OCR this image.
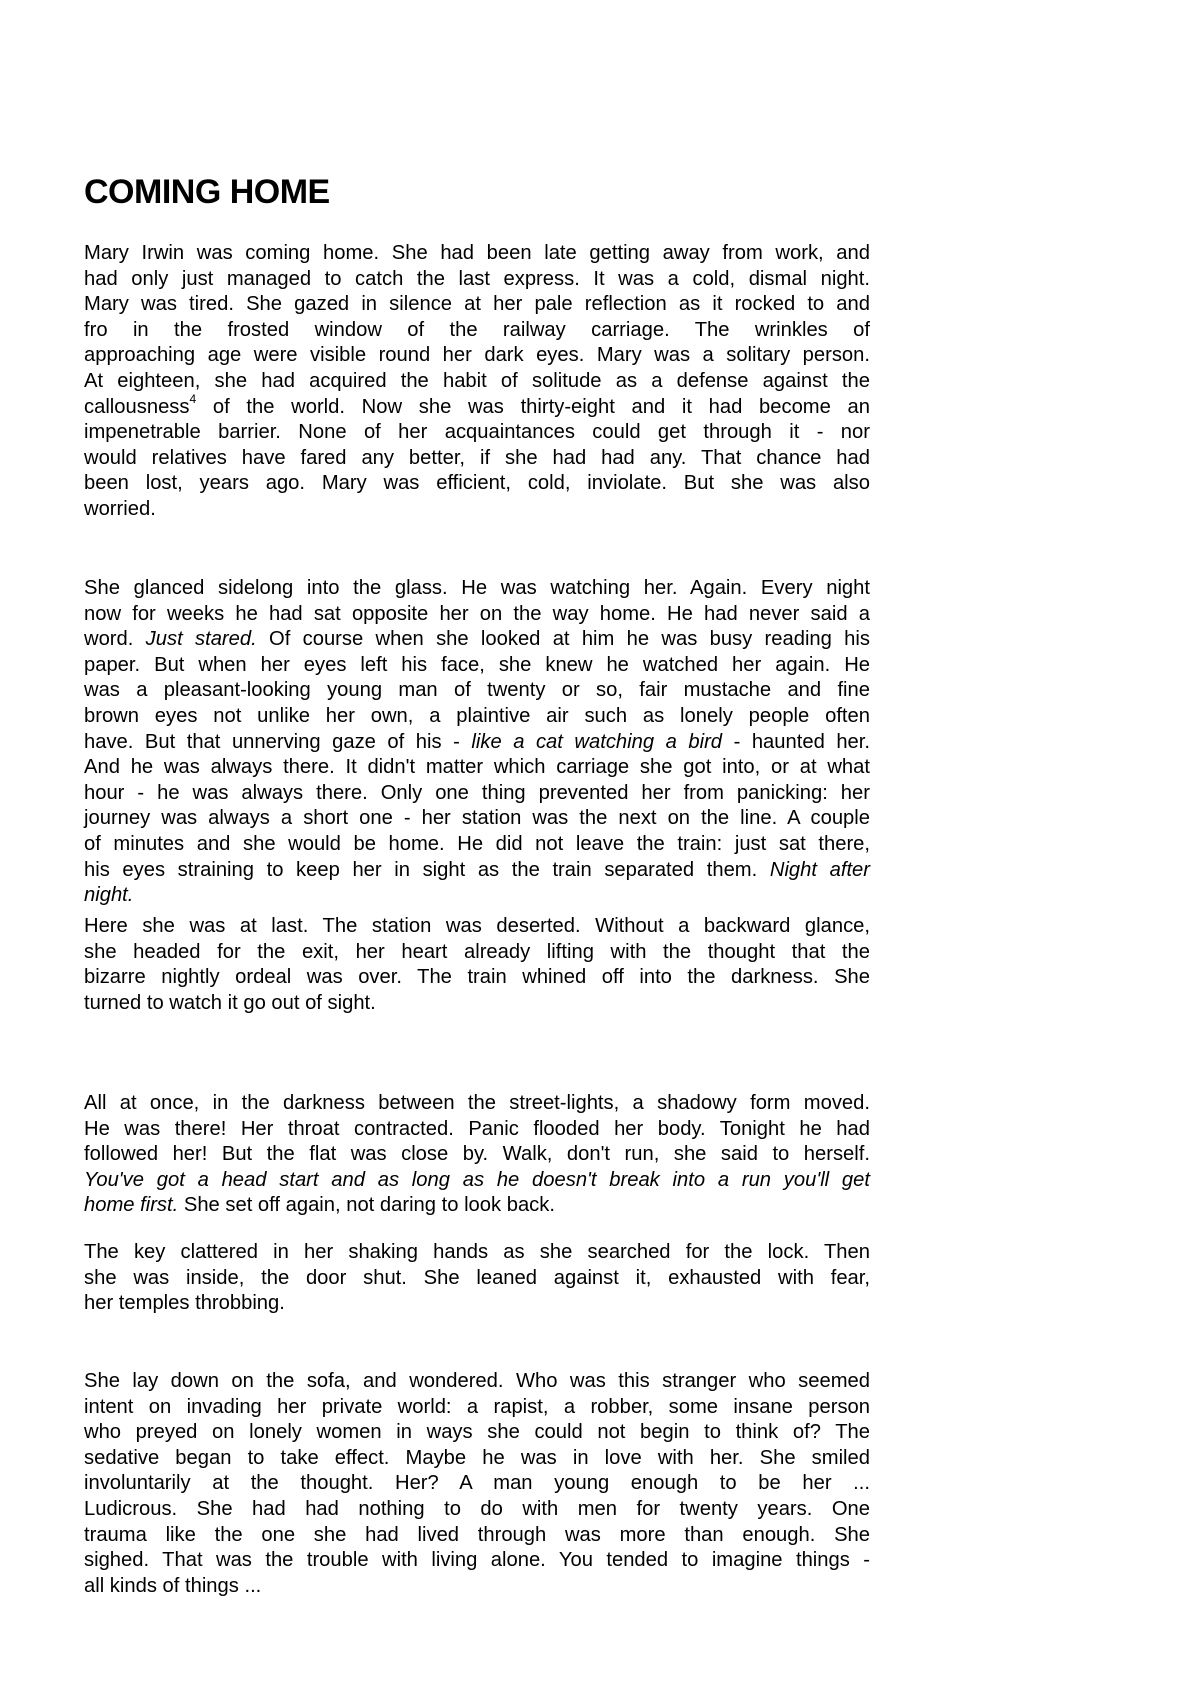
COMING HOME
Mary Irwin was coming home. She had been late getting away from work, and
had only just managed to catch the last express. It was a cold, dismal night.
Mary was tired. She gazed in silence at her pale reflection as it rocked to and
fro in the frosted window of the railway carriage. The wrinkles of
approaching age were visible round her dark eyes. Mary was a solitary person.
At eighteen, she had acquired the habit of solitude as a defense against the
callousness$^4$ of the world. Now she was thirty-eight and it had become an
impenetrable barrier. None of her acquaintances could get through it - nor
would relatives have fared any better, if she had had any. That chance had
been lost, years ago. Mary was efficient, cold, inviolate. But she was also
worried.
She glanced sidelong into the glass. He was watching her. Again. Every night
now for weeks he had sat opposite her on the way home. He had never said a
word. Just stared. Of course when she looked at him he was busy reading his
paper. But when her eyes left his face, she knew he watched her again. He
was a pleasant-looking young man of twenty or so, fair mustache and fine
brown eyes not unlike her own, a plaintive air such as lonely people often
have. But that unnerving gaze of his - like a cat watching a bird - haunted her.
And he was always there. It didn't matter which carriage she got into, or at what
hour - he was always there. Only one thing prevented her from panicking: her
journey was always a short one - her station was the next on the line. A couple
of minutes and she would be home. He did not leave the train: just sat there,
his eyes straining to keep her in sight as the train separated them. Night after
night.
Here she was at last. The station was deserted. Without a backward glance,
she headed for the exit, her heart already lifting with the thought that the
bizarre nightly ordeal was over. The train whined off into the darkness. She
turned to watch it go out of sight.
All at once, in the darkness between the street-lights, a shadowy form moved.
He was there! Her throat contracted. Panic flooded her body. Tonight he had
followed her! But the flat was close by. Walk, don't run, she said to herself.
You've got a head start and as long as he doesn't break into a run you'll get
home first. She set off again, not daring to look back.
The key clattered in her shaking hands as she searched for the lock. Then
she was inside, the door shut. She leaned against it, exhausted with fear,
her temples throbbing.
She lay down on the sofa, and wondered. Who was this stranger who seemed
intent on invading her private world: a rapist, a robber, some insane person
who preyed on lonely women in ways she could not begin to think of? The
sedative began to take effect. Maybe he was in love with her. She smiled
involuntarily at the thought. Her? A man young enough to be her ...
Ludicrous. She had had nothing to do with men for twenty years. One
trauma like the one she had lived through was more than enough. She
sighed. That was the trouble with living alone. You tended to imagine things -
all kinds of things ...
